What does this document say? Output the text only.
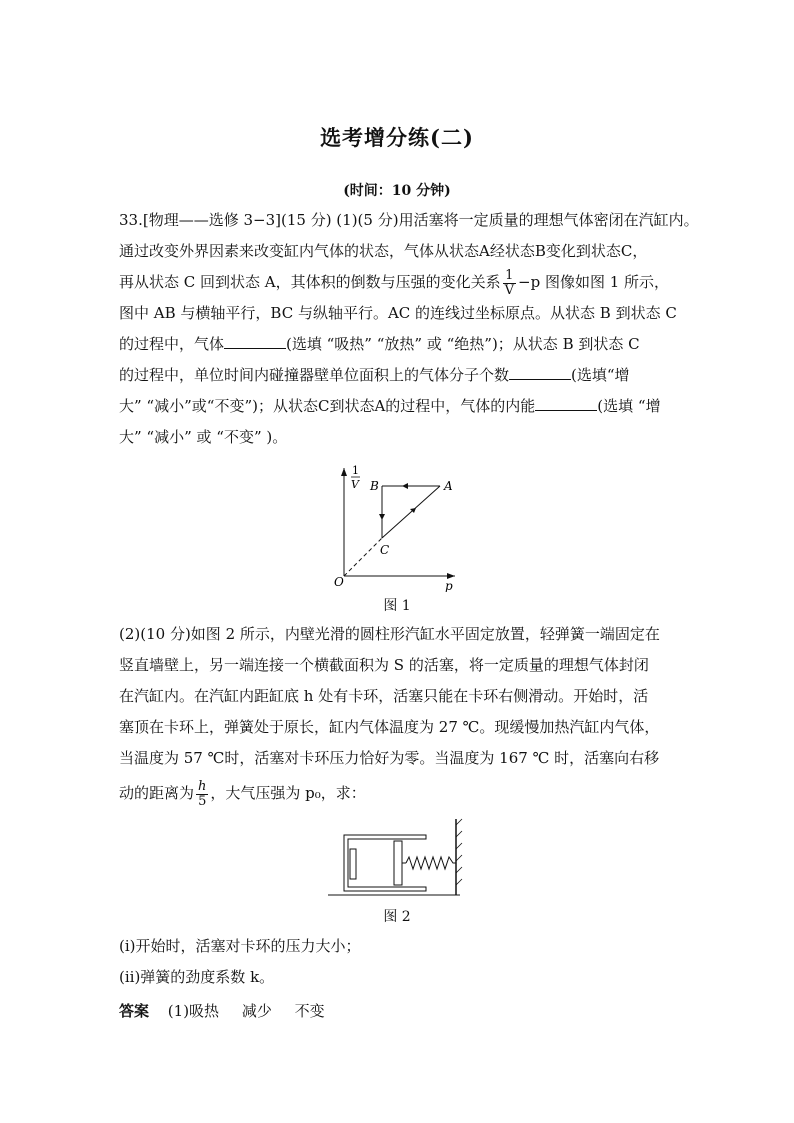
选考增分练(二)
(时间：10 分钟)

33.[物理——选修 3−3](15 分) (1)(5 分)用活塞将一定质量的理想气体密闭在汽缸内。

通过改变外界因素来改变缸内气体的状态，气体从状态A经状态B变化到状态C，

再从状态 C 回到状态 A，其体积的倒数与压强的变化关系 $\frac{1}{V} -p$ 图像如图 1 所示，

图中 AB 与横轴平行，BC 与纵轴平行。AC 的连线过坐标原点。从状态 B 到状态 C

的过程中，气体	(选填 “吸热” “放热” 或 “绝热”)；从状态 B 到状态 C

的过程中，单位时间内碰撞器壁单位面积上的气体分子个数	(选填“增

大” “减小”或“不变”)；从状态C到状态A的过程中，气体的内能	(选填 “增

大” “减小” 或 “不变” )。

1
V
p
O
B	A
C
图 1

(2)(10 分)如图 2 所示，内壁光滑的圆柱形汽缸水平固定放置，轻弹簧一端固定在

竖直墙壁上，另一端连接一个横截面积为 S 的活塞，将一定质量的理想气体封闭

在汽缸内。在汽缸内距缸底 h 处有卡环，活塞只能在卡环右侧滑动。开始时，活

塞顶在卡环上，弹簧处于原长，缸内气体温度为 27 ℃。现缓慢加热汽缸内气体，

当温度为 57 ℃时，活塞对卡环压力恰好为零。当温度为 167 ℃ 时，活塞向右移

动的距离为 $\frac{h}{5}$ ，大气压强为 p₀，求：

图 2

(ⅰ)开始时，活塞对卡环的压力大小；

(ⅱ)弹簧的劲度系数 k。

答案 (1)吸热 减少 不变
